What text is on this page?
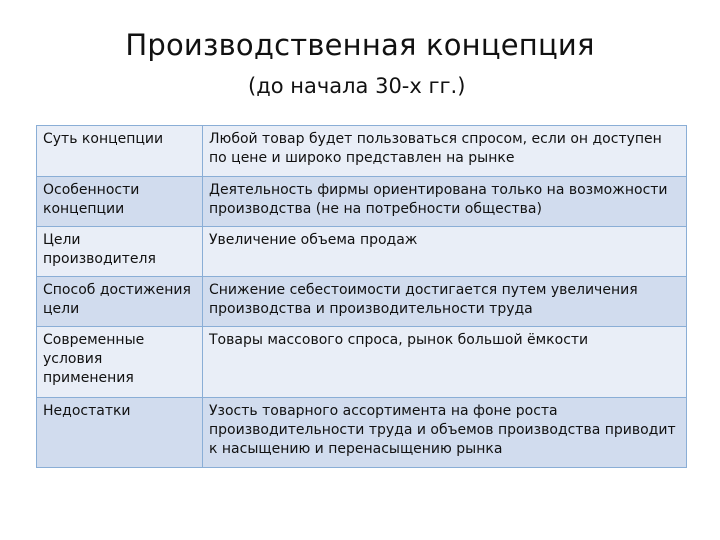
Производственная концепция
(до начала 30-х гг.)
Суть концепции	Любой товар будет пользоваться спросом, если он доступен по цене и широко представлен на рынке
Особенности концепции	Деятельность фирмы ориентирована только на возможности производства (не на потребности общества)
Цели производителя	Увеличение объема продаж
Способ достижения цели	Снижение себестоимости достигается путем увеличения производства и производительности труда
Современные условия применения	Товары массового спроса, рынок большой ёмкости
Недостатки	Узость товарного ассортимента на фоне роста производительности труда и объемов производства приводит к насыщению и перенасыщению рынка
